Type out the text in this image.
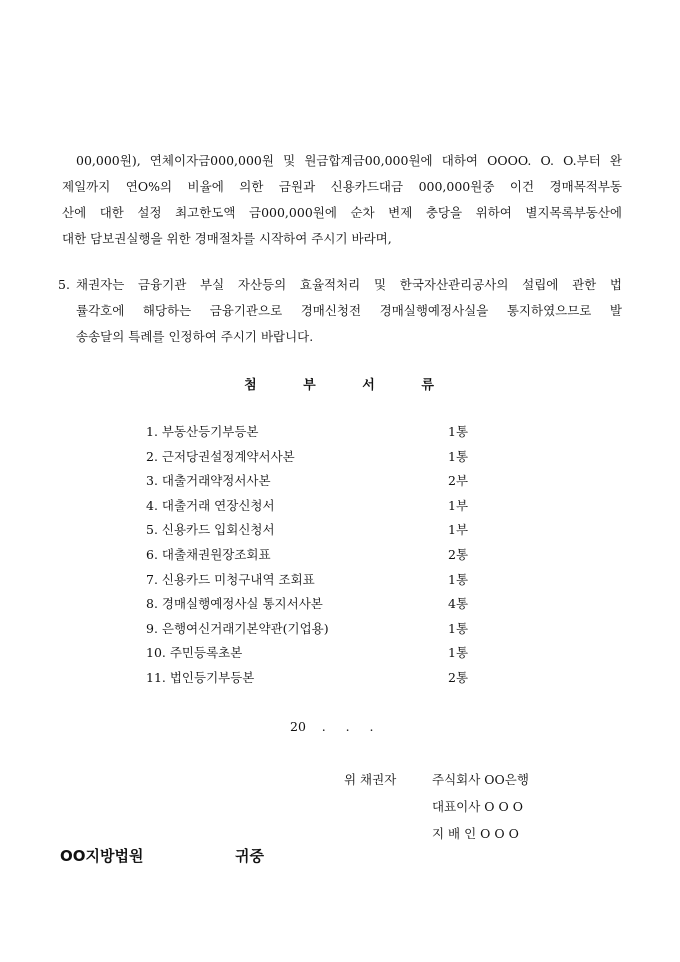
00,000원), 연체이자금000,000원 및 원금합계금00,000원에 대하여 OOOO. O. O.부터 완
제일까지 연O%의 비율에 의한 금원과 신용카드대금 000,000원중 이건 경매목적부동
산에 대한 설정 최고한도액 금000,000원에 순차 변제 충당을 위하여 별지목록부동산에
대한 담보권실행을 위한 경매절차를 시작하여 주시기 바라며,
5. 채권자는 금융기관 부실 자산등의 효율적처리 및 한국자산관리공사의 설립에 관한 법
률각호에 해당하는 금융기관으로 경매신청전 경매실행예정사실을 통지하였으므로 발
송송달의 특례를 인정하여 주시기 바랍니다.
첨	부	서	류
1. 부동산등기부등본	1통
2. 근저당권설정계약서사본	1통
3. 대출거래약정서사본	2부
4. 대출거래 연장신청서	1부
5. 신용카드 입회신청서	1부
6. 대출채권원장조회표	2통
7. 신용카드 미청구내역 조회표	1통
8. 경매실행예정사실 통지서사본	4통
9. 은행여신거래기본약관(기업용)	1통
10. 주민등록초본	1통
11. 법인등기부등본	2통
20    .     .     .
위 채권자	주식회사 OO은행
대표이사 O O O
지 배 인 O O O
OO지방법원	귀중
